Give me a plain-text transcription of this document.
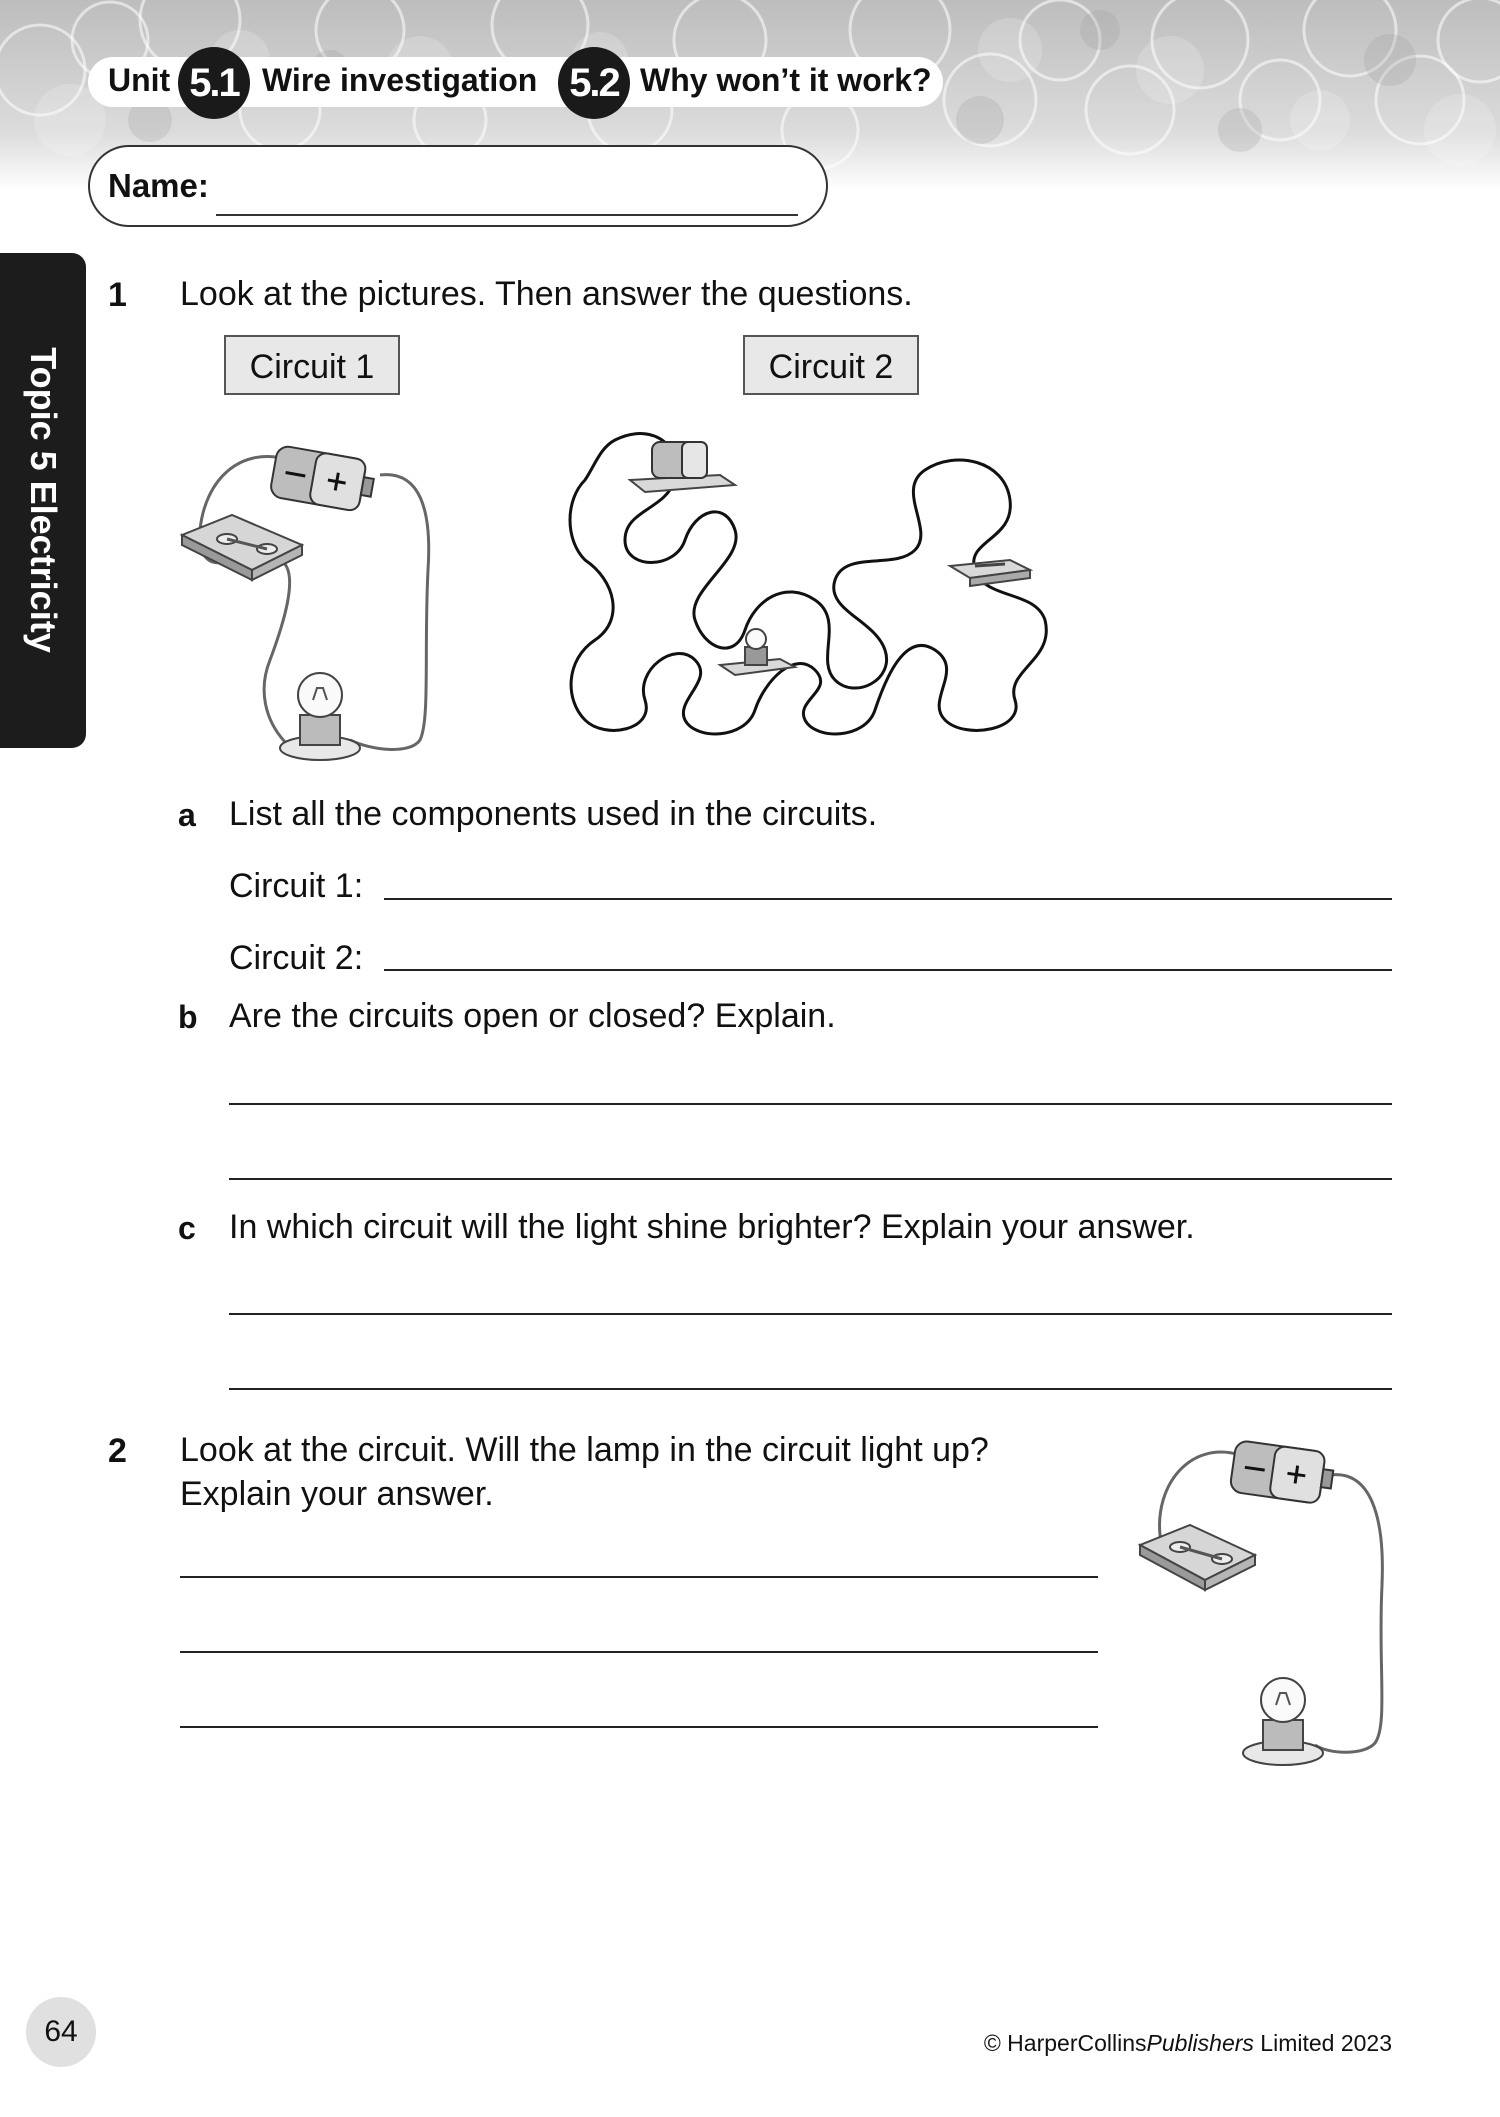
Unit 5.1 Wire investigation 5.2 Why won’t it work?
Name:
Topic 5 Electricity
1 Look at the pictures. Then answer the questions.
Circuit 1	Circuit 2
a List all the components used in the circuits.
Circuit 1:
Circuit 2:
b Are the circuits open or closed? Explain.
c In which circuit will the light shine brighter? Explain your answer.
2 Look at the circuit. Will the lamp in the circuit light up?
Explain your answer.
64	© HarperCollinsPublishers Limited 2023
